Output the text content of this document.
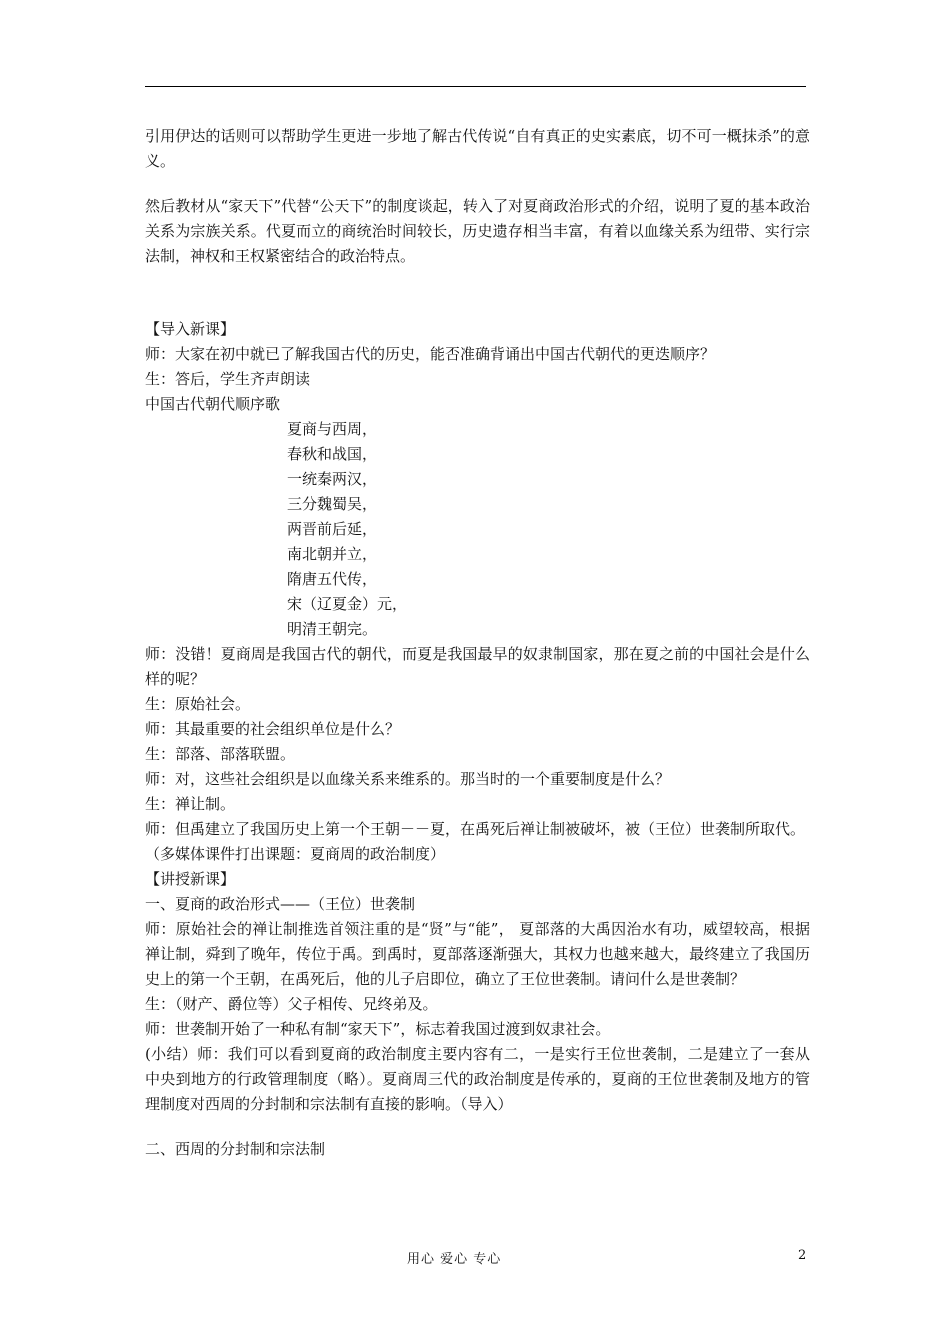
引用伊达的话则可以帮助学生更进一步地了解古代传说“自有真正的史实素底，切不可一概抹杀”的意义。

然后教材从“家天下”代替“公天下”的制度谈起，转入了对夏商政治形式的介绍，说明了夏的基本政治关系为宗族关系。代夏而立的商统治时间较长，历史遗存相当丰富，有着以血缘关系为纽带、实行宗法制，神权和王权紧密结合的政治特点。

【导入新课】

师：大家在初中就已了解我国古代的历史，能否准确背诵出中国古代朝代的更迭顺序？

生：答后，学生齐声朗读

中国古代朝代顺序歌

夏商与西周，

春秋和战国，

一统秦两汉，

三分魏蜀吴，

两晋前后延，

南北朝并立，

隋唐五代传，

宋（辽夏金）元，

明清王朝完。

师：没错！夏商周是我国古代的朝代，而夏是我国最早的奴隶制国家，那在夏之前的中国社会是什么样的呢？

生：原始社会。

师：其最重要的社会组织单位是什么？

生：部落、部落联盟。

师：对，这些社会组织是以血缘关系来维系的。那当时的一个重要制度是什么？

生：禅让制。

师：但禹建立了我国历史上第一个王朝－－夏，在禹死后禅让制被破坏，被（王位）世袭制所取代。

（多媒体课件打出课题：夏商周的政治制度）

【讲授新课】

一、夏商的政治形式——（王位）世袭制

师：原始社会的禅让制推选首领注重的是“贤”与“能”， 夏部落的大禹因治水有功，威望较高，根据禅让制，舜到了晚年，传位于禹。到禹时，夏部落逐渐强大，其权力也越来越大，最终建立了我国历史上的第一个王朝，在禹死后，他的儿子启即位，确立了王位世袭制。请问什么是世袭制？

生：（财产、爵位等）父子相传、兄终弟及。

师：世袭制开始了一种私有制“家天下”，标志着我国过渡到奴隶社会。

(小结）师：我们可以看到夏商的政治制度主要内容有二，一是实行王位世袭制，二是建立了一套从中央到地方的行政管理制度（略）。夏商周三代的政治制度是传承的，夏商的王位世袭制及地方的管理制度对西周的分封制和宗法制有直接的影响。（导入）

二、西周的分封制和宗法制

用心 爱心 专心	2
